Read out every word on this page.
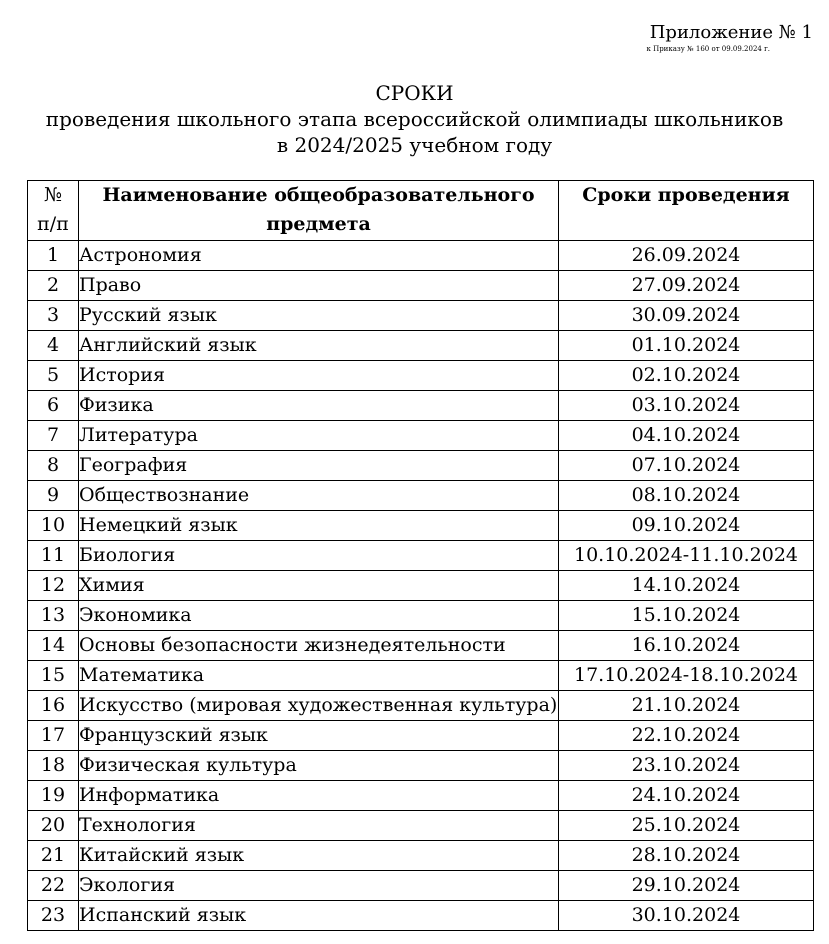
Приложение № 1
к Приказу № 160 от 09.09.2024 г.
СРОКИ
проведения школьного этапа всероссийской олимпиады школьников
в 2024/2025 учебном году
№
п/п	Наименование общеобразовательного предмета	Сроки проведения
1	Астрономия	26.09.2024
2	Право	27.09.2024
3	Русский язык	30.09.2024
4	Английский язык	01.10.2024
5	История	02.10.2024
6	Физика	03.10.2024
7	Литература	04.10.2024
8	География	07.10.2024
9	Обществознание	08.10.2024
10	Немецкий язык	09.10.2024
11	Биология	10.10.2024-11.10.2024
12	Химия	14.10.2024
13	Экономика	15.10.2024
14	Основы безопасности жизнедеятельности	16.10.2024
15	Математика	17.10.2024-18.10.2024
16	Искусство (мировая художественная культура)	21.10.2024
17	Французский язык	22.10.2024
18	Физическая культура	23.10.2024
19	Информатика	24.10.2024
20	Технология	25.10.2024
21	Китайский язык	28.10.2024
22	Экология	29.10.2024
23	Испанский язык	30.10.2024
